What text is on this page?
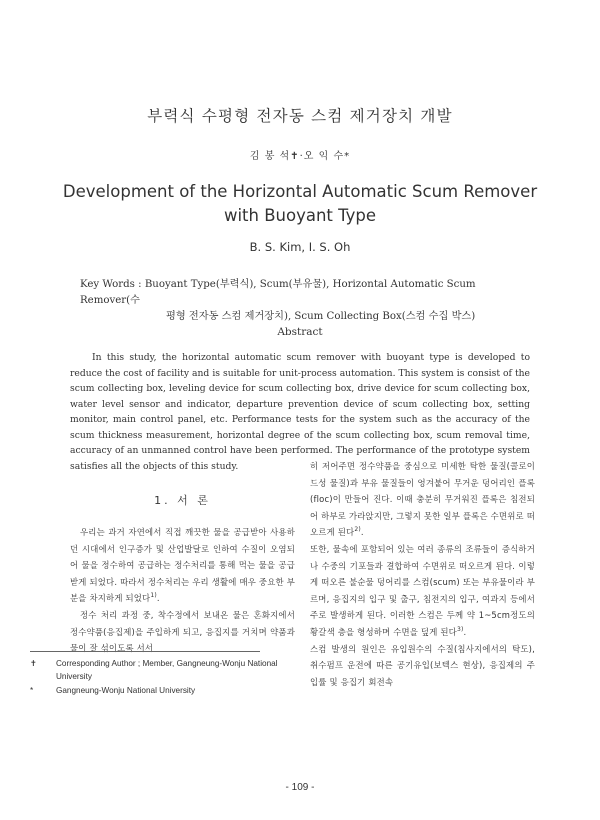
부력식 수평형 전자동 스컴 제거장치 개발
김 봉 석✝·오 익 수*
Development of the Horizontal Automatic Scum Remover with Buoyant Type
B. S. Kim, I. S. Oh
Key Words : Buoyant Type(부력식), Scum(부유물), Horizontal Automatic Scum Remover(수
평형 전자동 스컴 제거장치), Scum Collecting Box(스컴 수집 박스)
Abstract

In this study, the horizontal automatic scum remover with buoyant type is developed to reduce the cost of facility and is suitable for unit-process automation. This system is consist of the scum collecting box, leveling device for scum collecting box, drive device for scum collecting box, water level sensor and indicator, departure prevention device of scum collecting box, setting monitor, main control panel, etc. Performance tests for the system such as the accuracy of the scum thickness measurement, horizontal degree of the scum collecting box, scum removal time, accuracy of an unmanned control have been performed. The performance of the prototype system satisfies all the objects of this study.

1. 서 론

우리는 과거 자연에서 직접 깨끗한 물을 공급받아 사용하던 시대에서 인구증가 및 산업발달로 인하여 수질이 오염되어 물을 정수하여 공급하는 정수처리를 통해 먹는 물을 공급받게 되었다. 따라서 정수처리는 우리 생활에 매우 중요한 부분을 차지하게 되었다$^{1)}$.

정수 처리 과정 중, 착수정에서 보내온 물은 혼화지에서 정수약품(응집제)을 주입하게 되고, 응집지를 거치며 약품과 물이 잘 섞이도록 서서

히 저어주면 정수약품을 중심으로 미세한 탁한 물질(콜로이드성 물질)과 부유 물질들이 엉겨붙어 무거운 덩어리인 플록(floc)이 만들어 진다. 이때 충분히 무거워진 플록은 침전되어 하부로 가라앉지만, 그렇지 못한 일부 플록은 수면위로 떠오르게 된다$^{2)}$.

또한, 물속에 포함되어 있는 여러 종류의 조류들이 증식하거나 수중의 기포들과 결합하여 수면위로 떠오르게 된다. 이렇게 떠오른 불순물 덩어리를 스컴(scum) 또는 부유물이라 부르며, 응집지의 입구 및 출구, 침전지의 입구, 여과지 등에서 주로 발생하게 된다. 이러한 스컴은 두께 약 1~5cm정도의 황갈색 층을 형성하며 수면을 덮게 된다$^{3)}$.

스컴 발생의 원인은 유입원수의 수질(침사지에서의 탁도), 취수펌프 운전에 따른 공기유입(보텍스 현상), 응집제의 주입률 및 응집기 회전속

✝ Corresponding Author ; Member, Gangneung-Wonju National University
*	Gangneung-Wonju National University
- 109 -
